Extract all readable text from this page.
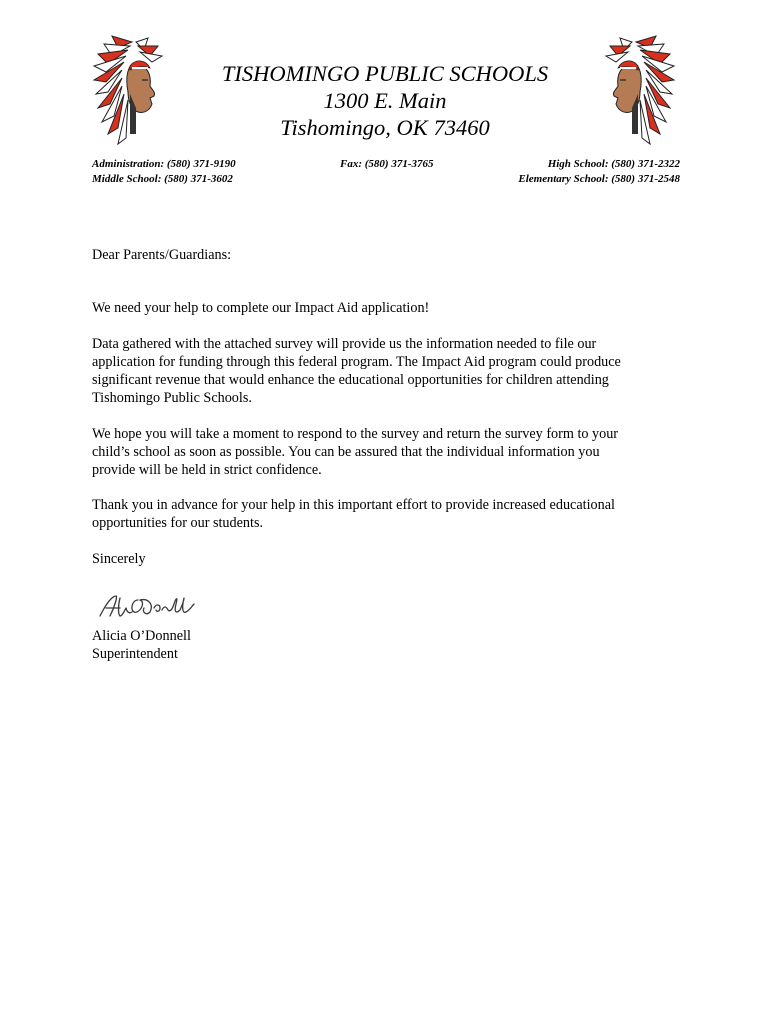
TISHOMINGO PUBLIC SCHOOLS
1300 E. Main
Tishomingo, OK 73460
Administration: (580) 371-9190
Middle School: (580) 371-3602
Fax: (580) 371-3765	High School: (580) 371-2322
Elementary School: (580) 371-2548

Dear Parents/Guardians:

We need your help to complete our Impact Aid application!

Data gathered with the attached survey will provide us the information needed to file our

application for funding through this federal program. The Impact Aid program could produce

significant revenue that would enhance the educational opportunities for children attending

Tishomingo Public Schools.

We hope you will take a moment to respond to the survey and return the survey form to your

child’s school as soon as possible. You can be assured that the individual information you

provide will be held in strict confidence.

Thank you in advance for your help in this important effort to provide increased educational

opportunities for our students.

Sincerely

Alicia O’Donnell

Superintendent
